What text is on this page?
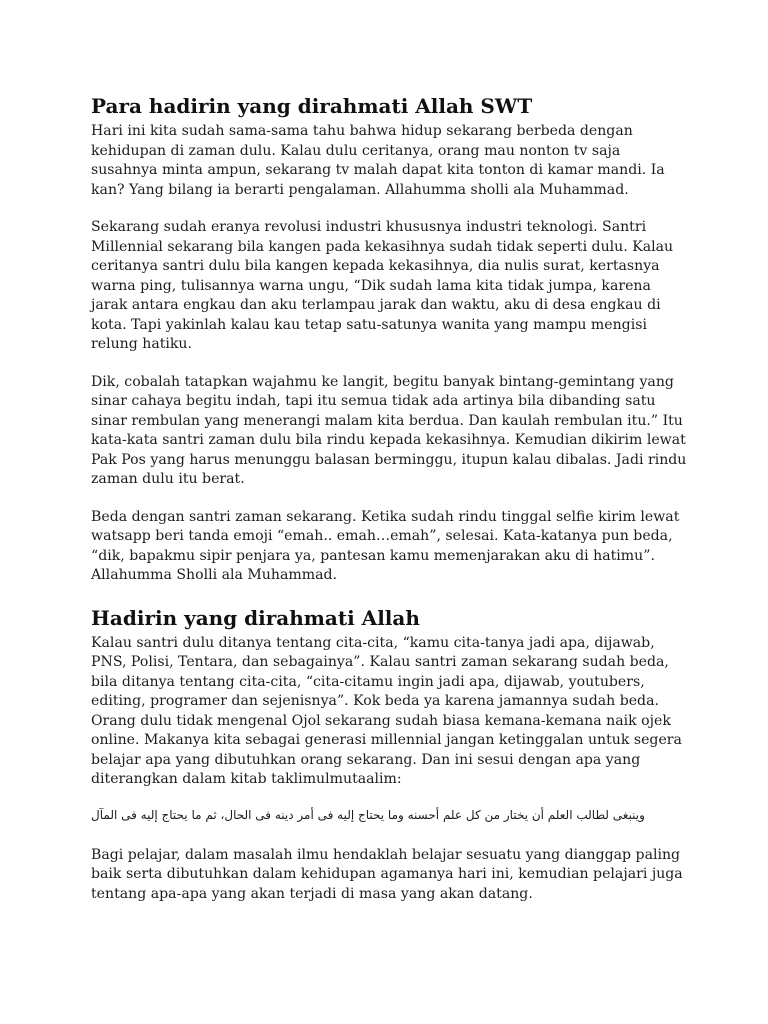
Para hadirin yang dirahmati Allah SWT

Hari ini kita sudah sama-sama tahu bahwa hidup sekarang berbeda dengan kehidupan di zaman dulu. Kalau dulu ceritanya, orang mau nonton tv saja susahnya minta ampun, sekarang tv malah dapat kita tonton di kamar mandi. Ia kan? Yang bilang ia berarti pengalaman. Allahumma sholli ala Muhammad.

Sekarang sudah eranya revolusi industri khususnya industri teknologi. Santri Millennial sekarang bila kangen pada kekasihnya sudah tidak seperti dulu. Kalau ceritanya santri dulu bila kangen kepada kekasihnya, dia nulis surat, kertasnya warna ping, tulisannya warna ungu, “Dik sudah lama kita tidak jumpa, karena jarak antara engkau dan aku terlampau jarak dan waktu, aku di desa engkau di kota. Tapi yakinlah kalau kau tetap satu-satunya wanita yang mampu mengisi relung hatiku.

Dik, cobalah tatapkan wajahmu ke langit, begitu banyak bintang-gemintang yang sinar cahaya begitu indah, tapi itu semua tidak ada artinya bila dibanding satu sinar rembulan yang menerangi malam kita berdua. Dan kaulah rembulan itu.” Itu kata-kata santri zaman dulu bila rindu kepada kekasihnya. Kemudian dikirim lewat Pak Pos yang harus menunggu balasan berminggu, itupun kalau dibalas. Jadi rindu zaman dulu itu berat.

Beda dengan santri zaman sekarang. Ketika sudah rindu tinggal selfie kirim lewat watsapp beri tanda emoji “emah.. emah…emah”, selesai. Kata-katanya pun beda, “dik, bapakmu sipir penjara ya, pantesan kamu memenjarakan aku di hatimu”. Allahumma Sholli ala Muhammad.

Hadirin yang dirahmati Allah

Kalau santri dulu ditanya tentang cita-cita, “kamu cita-tanya jadi apa, dijawab, PNS, Polisi, Tentara, dan sebagainya”. Kalau santri zaman sekarang sudah beda, bila ditanya tentang cita-cita, “cita-citamu ingin jadi apa, dijawab, youtubers, editing, programer dan sejenisnya”. Kok beda ya karena jamannya sudah beda. Orang dulu tidak mengenal Ojol sekarang sudah biasa kemana-kemana naik ojek online. Makanya kita sebagai generasi millennial jangan ketinggalan untuk segera belajar apa yang dibutuhkan orang sekarang. Dan ini sesui dengan apa yang diterangkan dalam kitab taklimulmutaalim:

وينبغى لطالب العلم أن يختار من كل علم أحسنه وما يحتاج إليه فى أمر دينه فى الحال، ثم ما يحتاج إليه فى المآل

Bagi pelajar, dalam masalah ilmu hendaklah belajar sesuatu yang dianggap paling baik serta dibutuhkan dalam kehidupan agamanya hari ini, kemudian pelajari juga tentang apa-apa yang akan terjadi di masa yang akan datang.
